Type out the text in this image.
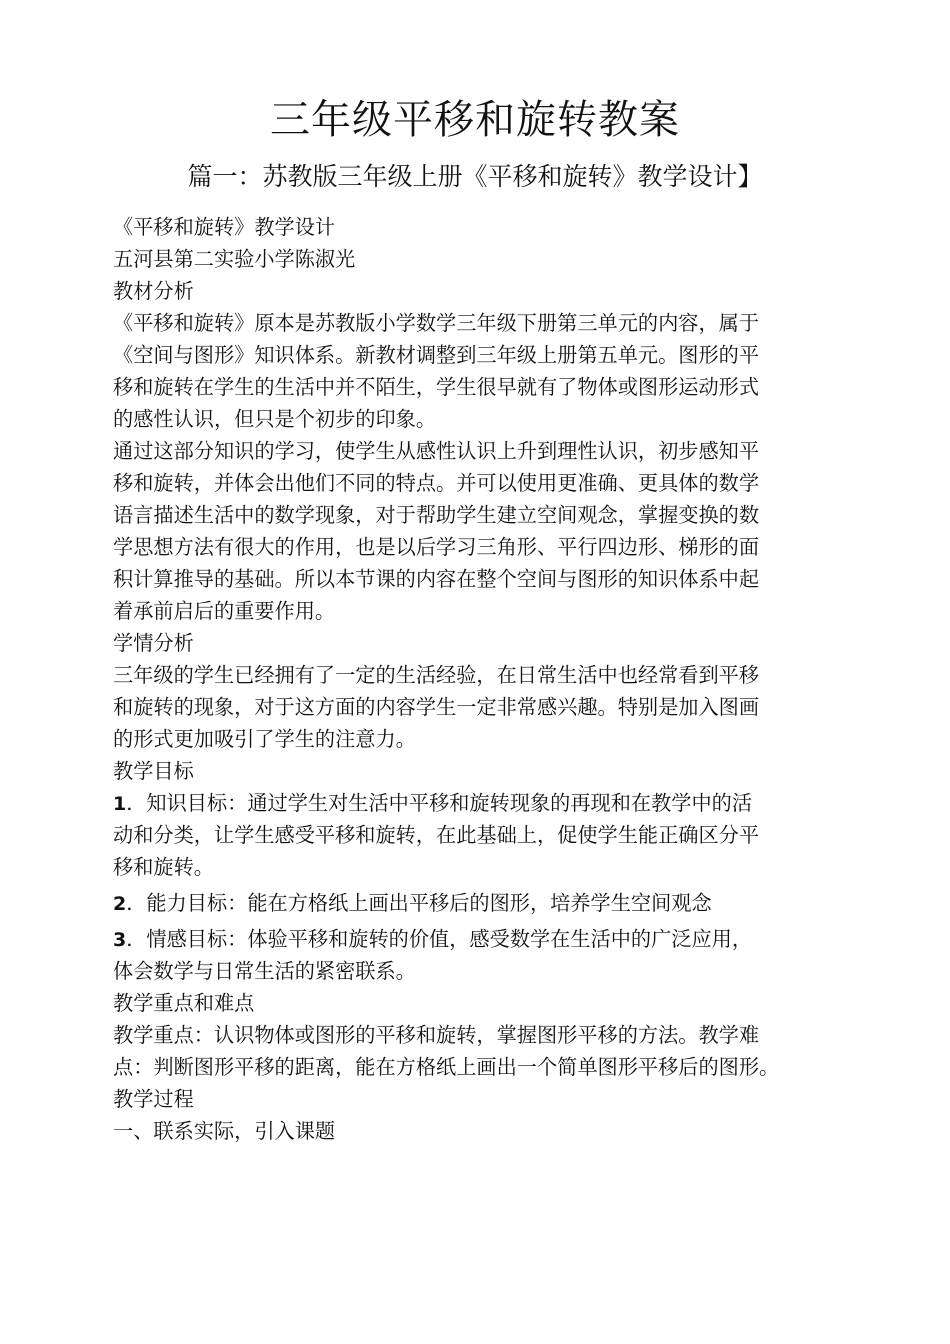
三年级平移和旋转教案
篇一：苏教版三年级上册《平移和旋转》教学设计】
《平移和旋转》教学设计
五河县第二实验小学陈淑光
教材分析
《平移和旋转》原本是苏教版小学数学三年级下册第三单元的内容，属于
《空间与图形》知识体系。新教材调整到三年级上册第五单元。图形的平
移和旋转在学生的生活中并不陌生，学生很早就有了物体或图形运动形式
的感性认识，但只是个初步的印象。
通过这部分知识的学习，使学生从感性认识上升到理性认识，初步感知平
移和旋转，并体会出他们不同的特点。并可以使用更准确、更具体的数学
语言描述生活中的数学现象，对于帮助学生建立空间观念，掌握变换的数
学思想方法有很大的作用，也是以后学习三角形、平行四边形、梯形的面
积计算推导的基础。所以本节课的内容在整个空间与图形的知识体系中起
着承前启后的重要作用。
学情分析
三年级的学生已经拥有了一定的生活经验，在日常生活中也经常看到平移
和旋转的现象，对于这方面的内容学生一定非常感兴趣。特别是加入图画
的形式更加吸引了学生的注意力。
教学目标
1．知识目标：通过学生对生活中平移和旋转现象的再现和在教学中的活
动和分类，让学生感受平移和旋转，在此基础上，促使学生能正确区分平
移和旋转。
2．能力目标：能在方格纸上画出平移后的图形，培养学生空间观念
3．情感目标：体验平移和旋转的价值，感受数学在生活中的广泛应用，
体会数学与日常生活的紧密联系。
教学重点和难点
教学重点：认识物体或图形的平移和旋转，掌握图形平移的方法。教学难
点：判断图形平移的距离，能在方格纸上画出一个简单图形平移后的图形。
教学过程
一、联系实际，引入课题
